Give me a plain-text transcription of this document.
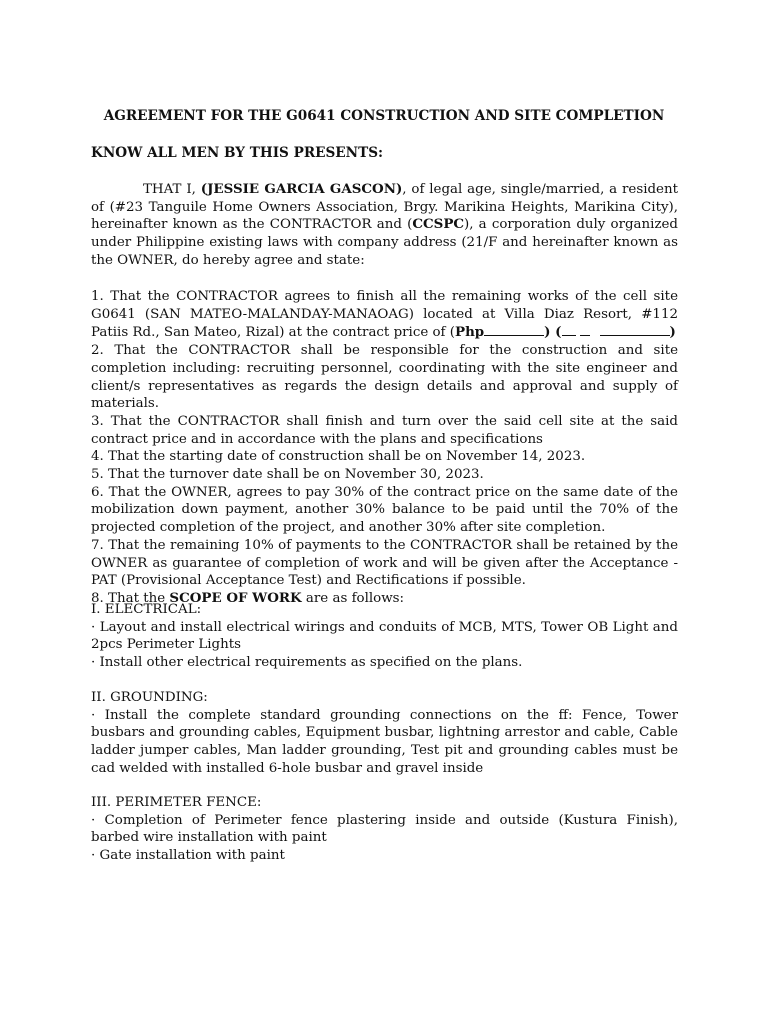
AGREEMENT FOR THE G0641 CONSTRUCTION AND SITE COMPLETION
KNOW ALL MEN BY THIS PRESENTS:

THAT I, (JESSIE GARCIA GASCON), of legal age, single/married, a resident of (#23 Tanguile Home Owners Association, Brgy. Marikina Heights, Marikina City), hereinafter known as the CONTRACTOR and (CCSPC), a corporation duly organized under Philippine existing laws with company address (21/F and hereinafter known as the OWNER, do hereby agree and state:

1. That the CONTRACTOR agrees to finish all the remaining works of the cell site G0641 (SAN MATEO-MALANDAY-MANAOAG) located at Villa Diaz Resort, #112 Patiis Rd., San Mateo, Rizal) at the contract price of (Php	) (	)

2. That the CONTRACTOR shall be responsible for the construction and site completion including: recruiting personnel, coordinating with the site engineer and client/s representatives as regards the design details and approval and supply of materials.

3. That the CONTRACTOR shall finish and turn over the said cell site at the said contract price and in accordance with the plans and specifications

4. That the starting date of construction shall be on November 14, 2023.

5. That the turnover date shall be on November 30, 2023.

6. That the OWNER, agrees to pay 30% of the contract price on the same date of the mobilization down payment, another 30% balance to be paid until the 70% of the projected completion of the project, and another 30% after site completion.

7. That the remaining 10% of payments to the CONTRACTOR shall be retained by the OWNER as guarantee of completion of work and will be given after the Acceptance - PAT (Provisional Acceptance Test) and Rectifications if possible.

8. That the SCOPE OF WORK are as follows:

I. ELECTRICAL:

· Layout and install electrical wirings and conduits of MCB, MTS, Tower OB Light and 2pcs Perimeter Lights

· Install other electrical requirements as specified on the plans.

II. GROUNDING:

· Install the complete standard grounding connections on the ff: Fence, Tower busbars and grounding cables, Equipment busbar, lightning arrestor and cable, Cable ladder jumper cables, Man ladder grounding, Test pit and grounding cables must be cad welded with installed 6-hole busbar and gravel inside

III. PERIMETER FENCE:

· Completion of Perimeter fence plastering inside and outside (Kustura Finish), barbed wire installation with paint

· Gate installation with paint
